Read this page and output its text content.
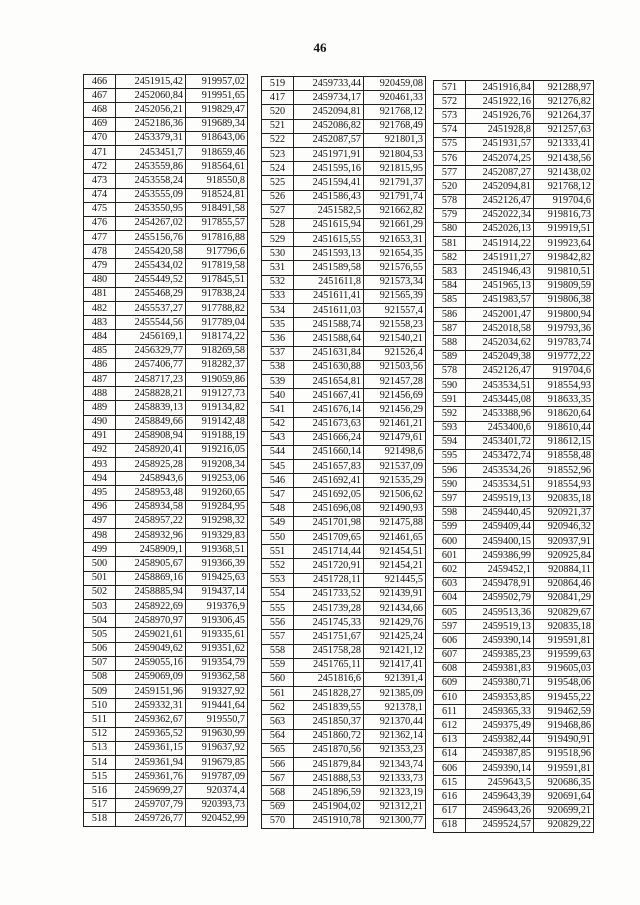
46
466	2451915,42	919957,02
467	2452060,84	919951,65
468	2452056,21	919829,47
469	2452186,36	919689,34
470	2453379,31	918643,06
471	2453451,7	918659,46
472	2453559,86	918564,61
473	2453558,24	918550,8
474	2453555,09	918524,81
475	2453550,95	918491,58
476	2454267,02	917855,57
477	2455156,76	917816,88
478	2455420,58	917796,6
479	2455434,02	917819,58
480	2455449,52	917845,51
481	2455468,29	917838,24
482	2455537,27	917788,82
483	2455544,56	917789,04
484	2456169,1	918174,22
485	2456329,77	918269,58
486	2457406,77	918282,37
487	2458717,23	919059,86
488	2458828,21	919127,73
489	2458839,13	919134,82
490	2458849,66	919142,48
491	2458908,94	919188,19
492	2458920,41	919216,05
493	2458925,28	919208,34
494	2458943,6	919253,06
495	2458953,48	919260,65
496	2458934,58	919284,95
497	2458957,22	919298,32
498	2458932,96	919329,83
499	2458909,1	919368,51
500	2458905,67	919366,39
501	2458869,16	919425,63
502	2458885,94	919437,14
503	2458922,69	919376,9
504	2458970,97	919306,45
505	2459021,61	919335,61
506	2459049,62	919351,62
507	2459055,16	919354,79
508	2459069,09	919362,58
509	2459151,96	919327,92
510	2459332,31	919441,64
511	2459362,67	919550,7
512	2459365,52	919630,99
513	2459361,15	919637,92
514	2459361,94	919679,85
515	2459361,76	919787,09
516	2459699,27	920374,4
517	2459707,79	920393,73
518	2459726,77	920452,99
519	2459733,44	920459,08
417	2459734,17	920461,33
520	2452094,81	921768,12
521	2452086,82	921768,49
522	2452087,57	921801,3
523	2451971,91	921804,53
524	2451595,16	921815,95
525	2451594,41	921791,37
526	2451586,43	921791,74
527	2451582,5	921662,82
528	2451615,94	921661,29
529	2451615,55	921653,31
530	2451593,13	921654,35
531	2451589,58	921576,55
532	2451611,8	921573,34
533	2451611,41	921565,39
534	2451611,03	921557,4
535	2451588,74	921558,23
536	2451588,64	921540,21
537	2451631,84	921526,4
538	2451630,88	921503,56
539	2451654,81	921457,28
540	2451667,41	921456,69
541	2451676,14	921456,29
542	2451673,63	921461,21
543	2451666,24	921479,61
544	2451660,14	921498,6
545	2451657,83	921537,09
546	2451692,41	921535,29
547	2451692,05	921506,62
548	2451696,08	921490,93
549	2451701,98	921475,88
550	2451709,65	921461,65
551	2451714,44	921454,51
552	2451720,91	921454,21
553	2451728,11	921445,5
554	2451733,52	921439,91
555	2451739,28	921434,66
556	2451745,33	921429,76
557	2451751,67	921425,24
558	2451758,28	921421,12
559	2451765,11	921417,41
560	2451816,6	921391,4
561	2451828,27	921385,09
562	2451839,55	921378,1
563	2451850,37	921370,44
564	2451860,72	921362,14
565	2451870,56	921353,23
566	2451879,84	921343,74
567	2451888,53	921333,73
568	2451896,59	921323,19
569	2451904,02	921312,21
570	2451910,78	921300,77
571	2451916,84	921288,97
572	2451922,16	921276,82
573	2451926,76	921264,37
574	2451928,8	921257,63
575	2451931,57	921333,41
576	2452074,25	921438,56
577	2452087,27	921438,02
520	2452094,81	921768,12
578	2452126,47	919704,6
579	2452022,34	919816,73
580	2452026,13	919919,51
581	2451914,22	919923,64
582	2451911,27	919842,82
583	2451946,43	919810,51
584	2451965,13	919809,59
585	2451983,57	919806,38
586	2452001,47	919800,94
587	2452018,58	919793,36
588	2452034,62	919783,74
589	2452049,38	919772,22
578	2452126,47	919704,6
590	2453534,51	918554,93
591	2453445,08	918633,35
592	2453388,96	918620,64
593	2453400,6	918610,44
594	2453401,72	918612,15
595	2453472,74	918558,48
596	2453534,26	918552,96
590	2453534,51	918554,93
597	2459519,13	920835,18
598	2459440,45	920921,37
599	2459409,44	920946,32
600	2459400,15	920937,91
601	2459386,99	920925,84
602	2459452,1	920884,11
603	2459478,91	920864,46
604	2459502,79	920841,29
605	2459513,36	920829,67
597	2459519,13	920835,18
606	2459390,14	919591,81
607	2459385,23	919599,63
608	2459381,83	919605,03
609	2459380,71	919548,06
610	2459353,85	919455,22
611	2459365,33	919462,59
612	2459375,49	919468,86
613	2459382,44	919490,91
614	2459387,85	919518,96
606	2459390,14	919591,81
615	2459643,5	920686,35
616	2459643,39	920691,64
617	2459643,26	920699,21
618	2459524,57	920829,22
